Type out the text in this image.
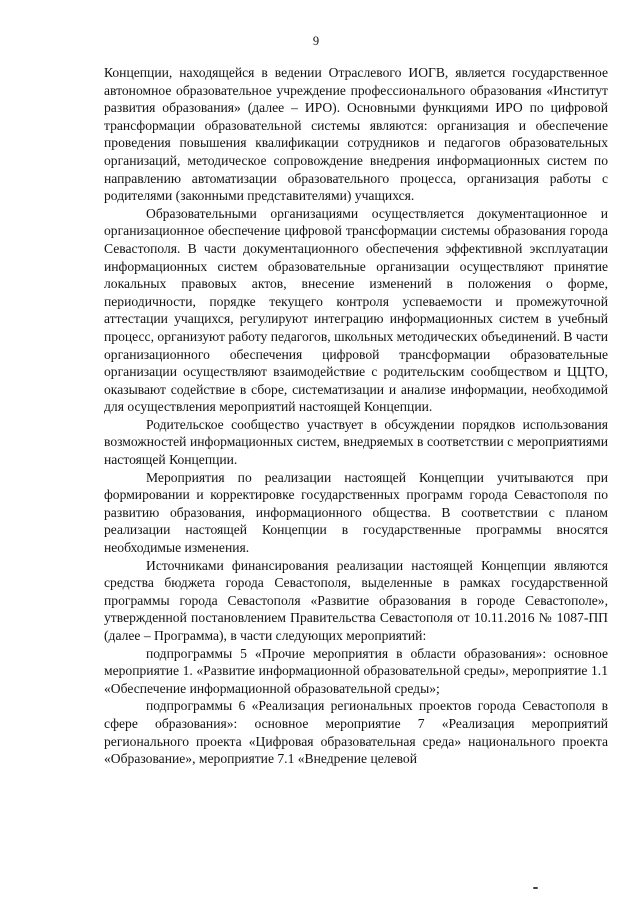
9

Концепции, находящейся в ведении Отраслевого ИОГВ, является государственное автономное образовательное учреждение профессионального образования «Институт развития образования» (далее – ИРО). Основными функциями ИРО по цифровой трансформации образовательной системы являются: организация и обеспечение проведения повышения квалификации сотрудников и педагогов образовательных организаций, методическое сопровождение внедрения информационных систем по направлению автоматизации образовательного процесса, организация работы с родителями (законными представителями) учащихся.

Образовательными организациями осуществляется документационное и организационное обеспечение цифровой трансформации системы образования города Севастополя. В части документационного обеспечения эффективной эксплуатации информационных систем образовательные организации осуществляют принятие локальных правовых актов, внесение изменений в положения о форме, периодичности, порядке текущего контроля успеваемости и промежуточной аттестации учащихся, регулируют интеграцию информационных систем в учебный процесс, организуют работу педагогов, школьных методических объединений. В части организационного обеспечения цифровой трансформации образовательные организации осуществляют взаимодействие с родительским сообществом и ЦЦТО, оказывают содействие в сборе, систематизации и анализе информации, необходимой для осуществления мероприятий настоящей Концепции.

Родительское сообщество участвует в обсуждении порядков использования возможностей информационных систем, внедряемых в соответствии с мероприятиями настоящей Концепции.

Мероприятия по реализации настоящей Концепции учитываются при формировании и корректировке государственных программ города Севастополя по развитию образования, информационного общества. В соответствии с планом реализации настоящей Концепции в государственные программы вносятся необходимые изменения.

Источниками финансирования реализации настоящей Концепции являются средства бюджета города Севастополя, выделенные в рамках государственной программы города Севастополя «Развитие образования в городе Севастополе», утвержденной постановлением Правительства Севастополя от 10.11.2016 № 1087-ПП (далее – Программа), в части следующих мероприятий:

подпрограммы 5 «Прочие мероприятия в области образования»: основное мероприятие 1. «Развитие информационной образовательной среды», мероприятие 1.1 «Обеспечение информационной образовательной среды»;

подпрограммы 6 «Реализация региональных проектов города Севастополя в сфере образования»: основное мероприятие 7 «Реализация мероприятий регионального проекта «Цифровая образовательная среда» национального проекта «Образование», мероприятие 7.1 «Внедрение целевой
